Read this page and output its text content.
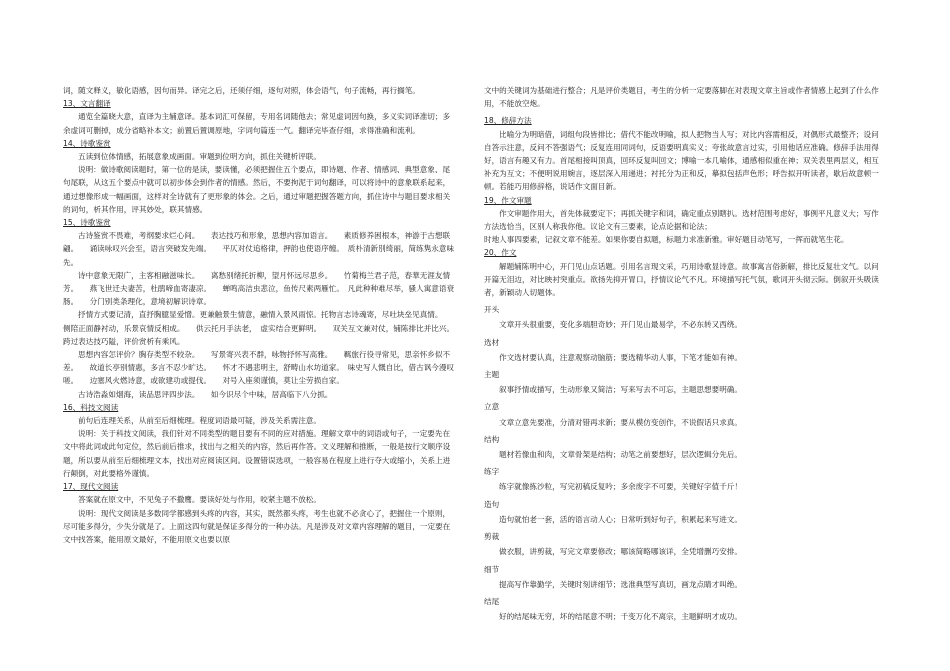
词，随文释义，敏化语感，因句而异。译完之后，还须仔细，逐句对照，体会语气，句子流畅，再行搁笔。

13、文言翻译

通览全篇晓大意，直译为主辅意译。基本词汇可保留，专用名词随他去；常见虚词因句换，多义实词译准切；多余虚词可删掉，成分省略补本文；前置后置调原地，字词句篇连一气。翻译完毕查仔细，求得准确和流利。

14、诗歌鉴赏

五读到位体情感，拓展意象成画面。审题到位明方向，抓住关键析评联。

说明：做诗歌阅读题时，第一位的是读，要读懂，必须把握住五个要点，即诗题、作者、情感词、典型意象、尾句尾联，从这五个要点中就可以初步体会到作者的情感。然后，不要拘泥于词句翻译，可以将诗中的意象联系起来，通过想像形成一幅画面，这样对全诗就有了更形象的体会。之后，通过审题把握答题方向，抓住诗中与题目要求相关的词句，析其作用，评其妙处，联其情感。

15、诗歌鉴赏

古诗鉴赏不畏难，考纲要求烂心间。　　表达技巧和形象，思想内容加语言。　　素质修养困根本，神游于古想联翩。　　诵读咏叹兴会至，语言突破发先端。　　平仄对仗追格律，押韵也使语序缠。　质朴清新別绮丽，简练隽永意味先。

诗中意象无限广，主客相融滋味长。　　离愁别绪托折柳，望月怀远尽思乡。　　竹菊梅兰君子范，春華无涯友情芳。　　燕飞世迁夫妻苦，杜鹃啼血寄凄凉。　　蝉鸣高洁虫悲泣，鱼传尺素两雁忙。　凡此种种难尽举，骚人寓意语衰肠。　　分门别类条理化，意境初解识诗章。

抒情方式要记清，直抒胸臆显爱憎。更兼触景生情意，融情入景风雨惊。托物言志诗魂寄，尽吐块垒见真情。　　侧陪正面静衬动，乐景哀情反相成。　　供云托月手法老，　虚实结合更鲜明。　　双关互文兼对仗，铺陈排比并比兴。　　跨过表达技巧隘，评价赏析有乘风。

思想内容怎评价？胸存类型不较杂。　　写景寄兴表不群，咏物抒怀写高雅。　　羁旅行役寻常见，思亲怀乡似不差。　　故道长亭别情惠，多言不忍少旷达。　　怀才不遇悲明主，舒畴山水坊道家。　味史写人慨自比，借古讽今漫叹嗟。　　边塞风火燃诗意，或欲建功或提伐。　　对号入座须谨慎，莫让尘劳损自家。

古诗浩淼如烟海，读品思评四步法。　　如今识尽个中味，居高临下八分抓。

16、科技文阅读

前句后连理关系，从前至后细梳理。程度词语最可疑，涉及关系需注意。

说明：关于科技文阅读，我们针对不同类型的题目要有不同的应对措施。理解文章中的词语或句子，一定要先在文中将此词或此句定位，然后前后推求，找出与之相关的内容，然后再作答。文义理解和推断，一般是按行文顺序设题，所以要从前至后细梳理文本，找出对应阅读区间。设置错误选项，一般容易在程度上进行夺大或缩小，关系上进行颠倒，对此要格外谨慎。

17、现代文阅读

答案就在原文中，不见兔子不撒鹰。要读好处与作用，咬紧主题不放松。

说明：现代文阅读是多数同学都感到头疼的内容，其实，既然都头疼，考生也就不必贪心了，把握住一个原则，尽可能多得分，少失分就是了。上面这四句就是保证多得分的一种办法。凡是涉及对文章内容理解的题目，一定要在文中找答案，能用原文最好，不能用原文也要以原

文中的关键词为基础进行整合；凡是评价类题目，考生的分析一定要落脚在对表现文章主旨或作者情感上起到了什么作用，不能放空炮。

18、修辞方法

比喻分为明暗借，词组句段皆排比；借代不能改明喻，拟人把物当人写；对比内容需相反，对偶形式最整齐；设问自答示注意，反问不答强语气；反复连用同词句，反语要明真实义；夸张故意言过实，引用他话应准确。修辞手法用得好，语言有趣又有力。首尾相接叫顶真，回环反复叫回文；博喻一本几喻体，通感相似重在神；双关表里两层义，相互补充为互文；不便明说用婉言，逐层深入用递进；衬托分为正和反，摹拟包括声色形；呼告拟开听读者，歇后故意顿一顿。若能巧用修辞格，说话作文面目新。

19、作文审题

作文审题作用大，首先体裁要定下；再抓关键字和词，确定重点别瞎扒。选材范围考虑好，事例平凡意义大；写作方法选恰当，区别人称我你他。议论文有三要素，论点论据和论法；

时地人事四要素，记叙文章不能差。如果你要自拟题，标题力求准新雅。审好题目动笔写，一挥而就笔生花。

20、作文

解题辅陈明中心，开门见山点话题。引用名言现文采，巧用诗歌显诗意。故事寓言俗新解，排比反复壮文气。以问开篇无泪边，对比映衬突重点。欲扬先抑开胃口，抒情议论气不凡。环境描写托气氛，歌词开头彻云际。倒叙开头吸读者，新颖动人切题体。

开头

文章开头很重要，变化多端胆奇妙；开门见山最易学，不必东转又西绕。

选材

作文选材要认真，注意观察动脑筋；要选精华动人事，下笔才能如有神。

主题

叙事抒情或描写，生动形象又简洁；写来写去不可忘，主题思想要明确。

立意

文章立意先要准，分清对错再求新；要从模仿变创作，不说假话只求真。

结构

题材若像血和肉，文章骨架是结构；动笔之前要想好，层次逻辑分先后。

练字

练字就像拣沙粒，写完初稿反复吟；多余废字不可要，关键好字值千斤！

造句

造句就怕老一套，活的语言动人心；日常听到好句子，积累起来写进文。

剪裁

做衣服，讲剪裁，写完文章要修改；哪该简略哪该详，全凭增删巧安排。

细节

提高写作靠勤学，关键时刻讲细节；选准典型写真切，画龙点睛才叫绝。

结尾

好的结尾味无穷，坏的结尾意不明；千变万化不离宗，主题鲜明才成功。
